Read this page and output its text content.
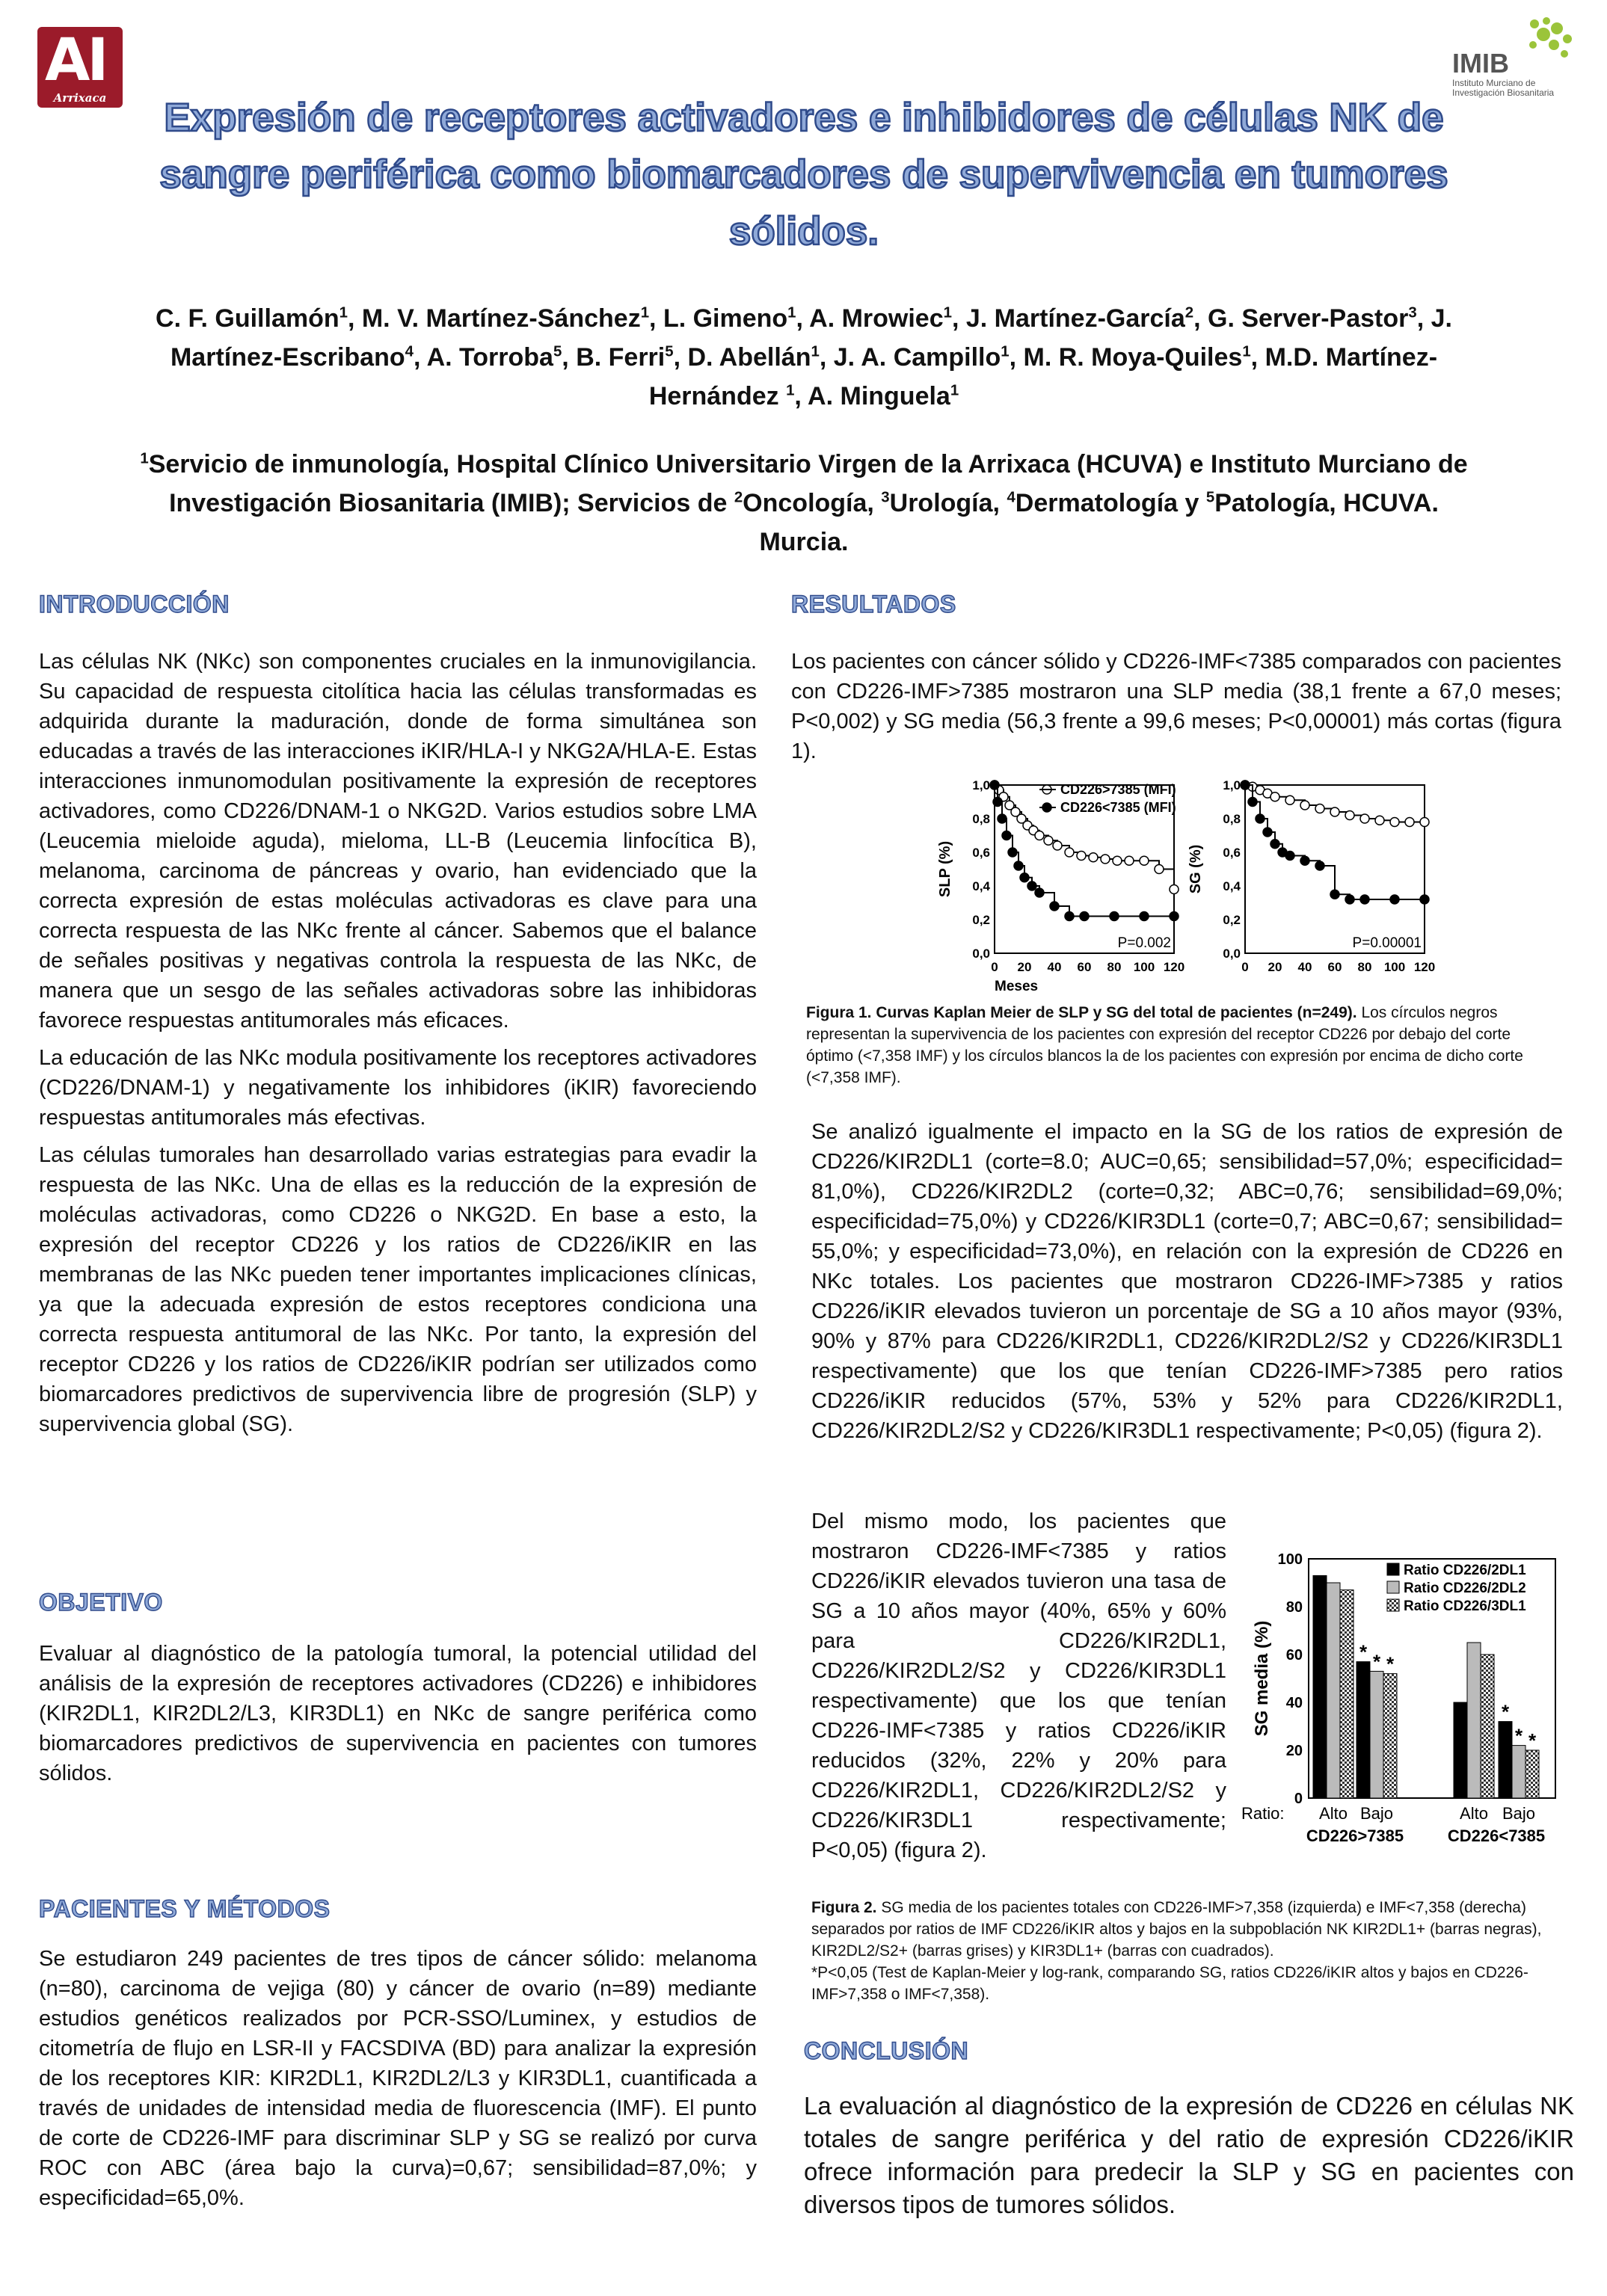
AI
Arrixaca
IMIB
Instituto Murciano de
Investigación Biosanitaria
Expresión de receptores activadores e inhibidores de células NK de sangre periférica como biomarcadores de supervivencia en tumores sólidos.
C. F. Guillamón$^1$, M. V. Martínez-Sánchez$^1$, L. Gimeno$^1$, A. Mrowiec$^1$, J. Martínez-García$^2$, G. Server-Pastor$^3$, J. Martínez-Escribano$^4$, A. Torroba$^5$, B. Ferri$^5$, D. Abellán$^1$, J. A. Campillo$^1$, M. R. Moya-Quiles$^1$, M.D. Martínez-Hernández $^1$, A. Minguela$^1$
$^1$Servicio de inmunología, Hospital Clínico Universitario Virgen de la Arrixaca (HCUVA) e Instituto Murciano de Investigación Biosanitaria (IMIB); Servicios de $^2$Oncología, $^3$Urología, $^4$Dermatología y $^5$Patología, HCUVA. Murcia.
INTRODUCCIÓN

Las células NK (NKc) son componentes cruciales en la inmunovigilancia. Su capacidad de respuesta citolítica hacia las células transformadas es adquirida durante la maduración, donde de forma simultánea son educadas a través de las interacciones iKIR/HLA-I y NKG2A/HLA-E. Estas interacciones inmunomodulan positivamente la expresión de receptores activadores, como CD226/DNAM-1 o NKG2D. Varios estudios sobre LMA (Leucemia mieloide aguda), mieloma, LL-B (Leucemia linfocítica B), melanoma, carcinoma de páncreas y ovario, han evidenciado que la correcta expresión de estas moléculas activadoras es clave para una correcta respuesta de las NKc frente al cáncer. Sabemos que el balance de señales positivas y negativas controla la respuesta de las NKc, de manera que un sesgo de las señales activadoras sobre las inhibidoras favorece respuestas antitumorales más eficaces.

La educación de las NKc modula positivamente los receptores activadores (CD226/DNAM-1) y negativamente los inhibidores (iKIR) favoreciendo respuestas antitumorales más efectivas.

Las células tumorales han desarrollado varias estrategias para evadir la respuesta de las NKc. Una de ellas es la reducción de la expresión de moléculas activadoras, como CD226 o NKG2D. En base a esto, la expresión del receptor CD226 y los ratios de CD226/iKIR en las membranas de las NKc pueden tener importantes implicaciones clínicas, ya que la adecuada expresión de estos receptores condiciona una correcta respuesta antitumoral de las NKc. Por tanto, la expresión del receptor CD226 y los ratios de CD226/iKIR podrían ser utilizados como biomarcadores predictivos de supervivencia libre de progresión (SLP) y supervivencia global (SG).

OBJETIVO
Evaluar al diagnóstico de la patología tumoral, la potencial utilidad del análisis de la expresión de receptores activadores (CD226) e inhibidores (KIR2DL1, KIR2DL2/L3, KIR3DL1) en NKc de sangre periférica como biomarcadores predictivos de supervivencia en pacientes con tumores sólidos.
PACIENTES Y MÉTODOS
Se estudiaron 249 pacientes de tres tipos de cáncer sólido: melanoma (n=80), carcinoma de vejiga (80) y cáncer de ovario (n=89) mediante estudios genéticos realizados por PCR-SSO/Luminex, y estudios de citometría de flujo en LSR-II y FACSDIVA (BD) para analizar la expresión de los receptores KIR: KIR2DL1, KIR2DL2/L3 y KIR3DL1, cuantificada a través de unidades de intensidad media de fluorescencia (IMF). El punto de corte de CD226-IMF para discriminar SLP y SG se realizó por curva ROC con ABC (área bajo la curva)=0,67; sensibilidad=87,0%; y especificidad=65,0%.
RESULTADOS
Los pacientes con cáncer sólido y CD226-IMF<7385 comparados con pacientes con CD226-IMF>7385 mostraron una SLP media (38,1 frente a 67,0 meses; P<0,002) y SG media (56,3 frente a 99,6 meses; P<0,00001) más cortas (figura 1).
0,0
0,2
0,4
0,6
0,8
1,0
0 20 40 60 80 100 120
SLP (%)
Meses
P=0.002
0,0
0,2
0,4
0,6
0,8
1,0
0 20 40 60 80 100 120
SG (%)
P=0.00001
CD226>7385 (MFI)
CD226<7385 (MFI)
Figura 1. Curvas Kaplan Meier de SLP y SG del total de pacientes (n=249). Los círculos negros representan la supervivencia de los pacientes con expresión del receptor CD226 por debajo del corte óptimo (<7,358 IMF) y los círculos blancos la de los pacientes con expresión por encima de dicho corte (<7,358 IMF).
Se analizó igualmente el impacto en la SG de los ratios de expresión de CD226/KIR2DL1 (corte=8.0; AUC=0,65; sensibilidad=57,0%; especificidad= 81,0%), CD226/KIR2DL2 (corte=0,32; ABC=0,76; sensibilidad=69,0%; especificidad=75,0%) y CD226/KIR3DL1 (corte=0,7; ABC=0,67; sensibilidad= 55,0%; y especificidad=73,0%), en relación con la expresión de CD226 en NKc totales. Los pacientes que mostraron CD226-IMF>7385 y ratios CD226/iKIR elevados tuvieron un porcentaje de SG a 10 años mayor (93%, 90% y 87% para CD226/KIR2DL1, CD226/KIR2DL2/S2 y CD226/KIR3DL1 respectivamente) que los que tenían CD226-IMF>7385 pero ratios CD226/iKIR reducidos (57%, 53% y 52% para CD226/KIR2DL1, CD226/KIR2DL2/S2 y CD226/KIR3DL1 respectivamente; P<0,05) (figura 2).
Del mismo modo, los pacientes que mostraron CD226-IMF<7385 y ratios CD226/iKIR elevados tuvieron una tasa de SG a 10 años mayor (40%, 65% y 60% para CD226/KIR2DL1, CD226/KIR2DL2/S2 y CD226/KIR3DL1 respectivamente) que los que tenían CD226-IMF<7385 y ratios CD226/iKIR reducidos (32%, 22% y 20% para CD226/KIR2DL1, CD226/KIR2DL2/S2 y CD226/KIR3DL1 respectivamente; P<0,05) (figura 2).
0
20
40
60
80
100
SG media (%)	* * *
*
* *
Ratio: Alto Bajo
CD226>7385
Alto Bajo
CD226<7385
Ratio CD226/2DL1
Ratio CD226/2DL2
Ratio CD226/3DL1
Figura 2. SG media de los pacientes totales con CD226-IMF>7,358 (izquierda) e IMF<7,358 (derecha) separados por ratios de IMF CD226/iKIR altos y bajos en la subpoblación NK KIR2DL1+ (barras negras), KIR2DL2/S2+ (barras grises) y KIR3DL1+ (barras con cuadrados).
*P<0,05 (Test de Kaplan-Meier y log-rank, comparando SG, ratios CD226/iKIR altos y bajos en CD226-IMF>7,358 o IMF<7,358).
CONCLUSIÓN
La evaluación al diagnóstico de la expresión de CD226 en células NK totales de sangre periférica y del ratio de expresión CD226/iKIR ofrece información para predecir la SLP y SG en pacientes con diversos tipos de tumores sólidos.
